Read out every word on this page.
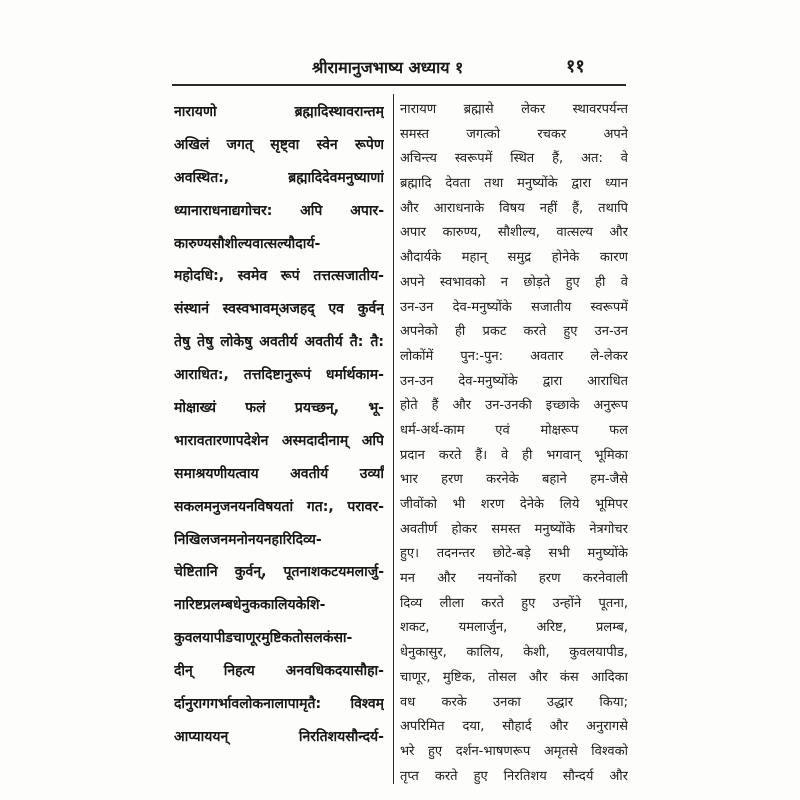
श्रीरामानुजभाष्य अध्याय १	११
नारायणो ब्रह्मादिस्थावरान्तम्
अखिलं जगत् सृष्ट्वा स्वेन रूपेण
अवस्थित:, ब्रह्मादिदेवमनुष्याणां
ध्यानाराधनाद्यगोचर: अपि अपार-
कारुण्यसौशील्यवात्सल्यौदार्य-
महोदधि:, स्वमेव रूपं तत्तत्सजातीय-
संस्थानं स्वस्वभावम्अजहद् एव कुर्वन्
तेषु तेषु लोकेषु अवतीर्य अवतीर्य तै: तै:
आराधित:, तत्तदिष्टानुरूपं धर्मार्थकाम-
मोक्षाख्यं फलं प्रयच्छन्, भू-
भारावतारणापदेशेन अस्मदादीनाम् अपि
समाश्रयणीयत्वाय अवतीर्य उर्व्यां
सकलमनुजनयनविषयतां गत:, परावर-
निखिलजनमनोनयनहारिदिव्य-
चेष्टितानि कुर्वन्, पूतनाशकटयमलार्जु-
नारिष्टप्रलम्बधेनुककालियकेशि-
कुवलयापीडचाणूरमुष्टिकतोसलकंसा-
दीन् निहत्य अनवधिकदयासौहा-
र्दानुरागगर्भावलोकनालापामृतै: विश्वम्
आप्याययन् निरतिशयसौन्दर्य-
नारायण ब्रह्मासे लेकर स्थावरपर्यन्त
समस्त जगत्को रचकर अपने
अचिन्त्य स्वरूपमें स्थित हैं, अत: वे
ब्रह्मादि देवता तथा मनुष्योंके द्वारा ध्यान
और आराधनाके विषय नहीं हैं, तथापि
अपार कारुण्य, सौशील्य, वात्सल्य और
औदार्यके महान् समुद्र होनेके कारण
अपने स्वभावको न छोड़ते हुए ही वे
उन-उन देव-मनुष्योंके सजातीय स्वरूपमें
अपनेको ही प्रकट करते हुए उन-उन
लोकोंमें पुन:-पुन: अवतार ले-लेकर
उन-उन देव-मनुष्योंके द्वारा आराधित
होते हैं और उन-उनकी इच्छाके अनुरूप
धर्म-अर्थ-काम एवं मोक्षरूप फल
प्रदान करते हैं। वे ही भगवान् भूमिका
भार हरण करनेके बहाने हम-जैसे
जीवोंको भी शरण देनेके लिये भूमिपर
अवतीर्ण होकर समस्त मनुष्योंके नेत्रगोचर
हुए। तदनन्तर छोटे-बड़े सभी मनुष्योंके
मन और नयनोंको हरण करनेवाली
दिव्य लीला करते हुए उन्होंने पूतना,
शकट, यमलार्जुन, अरिष्ट, प्रलम्ब,
धेनुकासुर, कालिय, केशी, कुवलयापीड,
चाणूर, मुष्टिक, तोसल और कंस आदिका
वध करके उनका उद्धार किया;
अपरिमित दया, सौहार्द और अनुरागसे
भरे हुए दर्शन-भाषणरूप अमृतसे विश्वको
तृप्त करते हुए निरतिशय सौन्दर्य और
